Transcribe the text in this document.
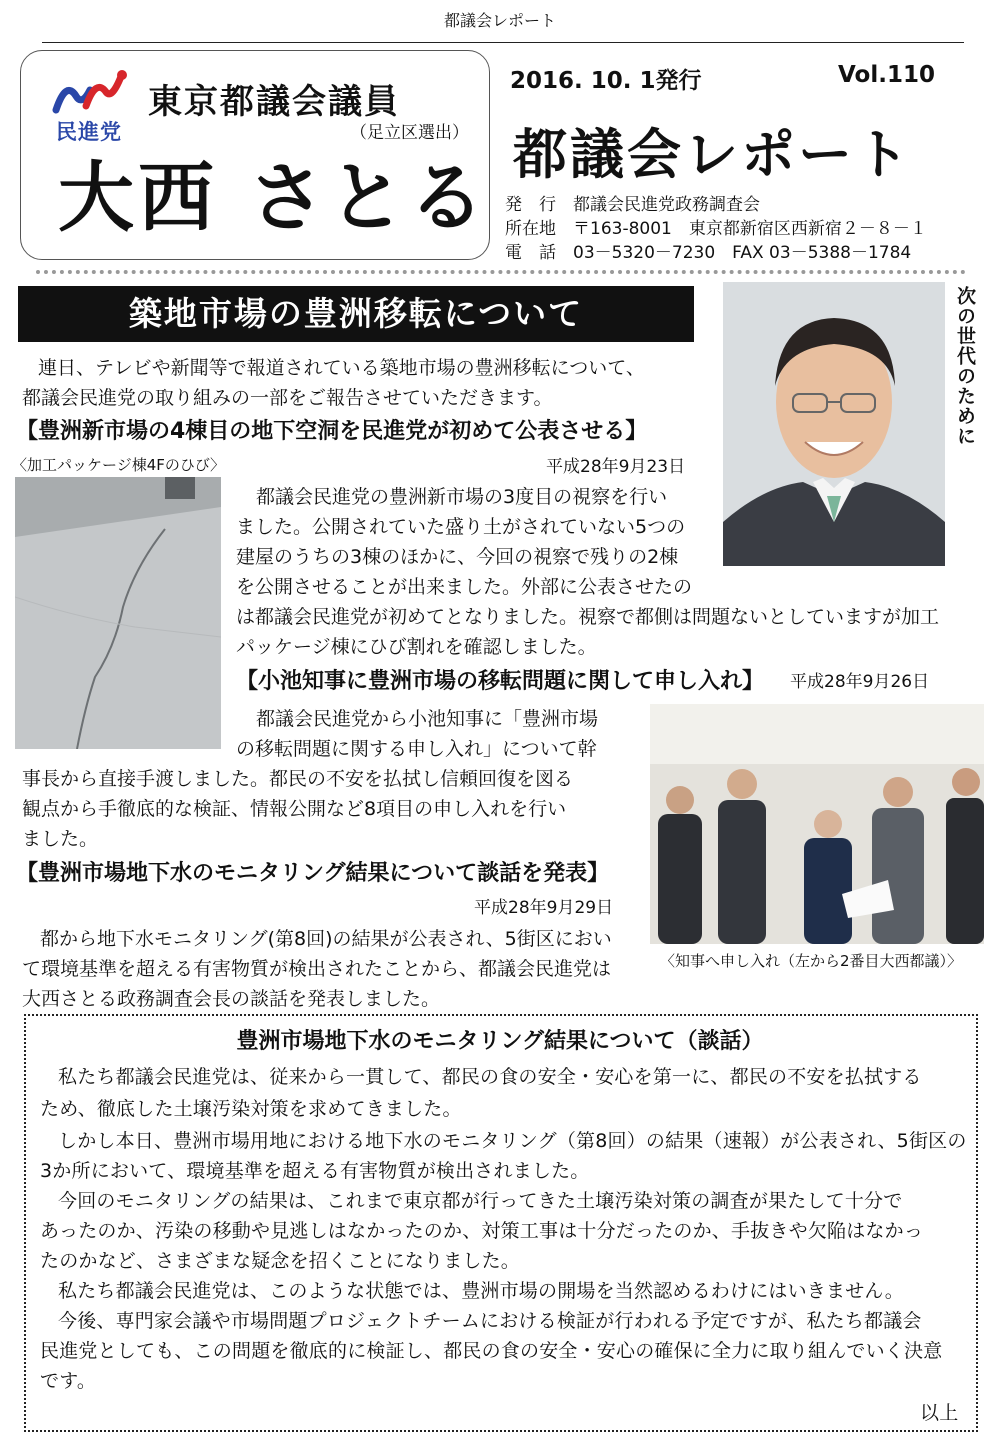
都議会レポート
民進党
東京都議会議員
（足立区選出）
大西 さとる
2016. 10. 1発行	Vol.110
都議会レポート
発　行　都議会民進党政務調査会
所在地　〒163-8001　東京都新宿区西新宿２－８－１
電　話　03－5320－7230　FAX 03－5388－1784
築地市場の豊洲移転について	次の世代のために
連日、テレビや新聞等で報道されている築地市場の豊洲移転について、
都議会民進党の取り組みの一部をご報告させていただきます。
【豊洲新市場の4棟目の地下空洞を民進党が初めて公表させる】
〈加工パッケージ棟4Fのひび〉	平成28年9月23日
都議会民進党の豊洲新市場の3度目の視察を行い
ました。公開されていた盛り土がされていない5つの
建屋のうちの3棟のほかに、今回の視察で残りの2棟
を公開させることが出来ました。外部に公表させたの
は都議会民進党が初めてとなりました。視察で都側は問題ないとしていますが加工
パッケージ棟にひび割れを確認しました。
【小池知事に豊洲市場の移転問題に関して申し入れ】 平成28年9月26日
都議会民進党から小池知事に「豊洲市場
の移転問題に関する申し入れ」について幹
事長から直接手渡しました。都民の不安を払拭し信頼回復を図る
観点から手徹底的な検証、情報公開など8項目の申し入れを行い
ました。
〈知事へ申し入れ（左から2番目大西都議）〉
【豊洲市場地下水のモニタリング結果について談話を発表】
平成28年9月29日
都から地下水モニタリング(第8回)の結果が公表され、5街区におい
て環境基準を超える有害物質が検出されたことから、都議会民進党は
大西さとる政務調査会長の談話を発表しました。
豊洲市場地下水のモニタリング結果について（談話）
私たち都議会民進党は、従来から一貫して、都民の食の安全・安心を第一に、都民の不安を払拭する
ため、徹底した土壌汚染対策を求めてきました。
しかし本日、豊洲市場用地における地下水のモニタリング（第8回）の結果（速報）が公表され、5街区の
3か所において、環境基準を超える有害物質が検出されました。
今回のモニタリングの結果は、これまで東京都が行ってきた土壌汚染対策の調査が果たして十分で
あったのか、汚染の移動や見逃しはなかったのか、対策工事は十分だったのか、手抜きや欠陥はなかっ
たのかなど、さまざまな疑念を招くことになりました。
私たち都議会民進党は、このような状態では、豊洲市場の開場を当然認めるわけにはいきません。
今後、専門家会議や市場問題プロジェクトチームにおける検証が行われる予定ですが、私たち都議会
民進党としても、この問題を徹底的に検証し、都民の食の安全・安心の確保に全力に取り組んでいく決意
です。
以上
